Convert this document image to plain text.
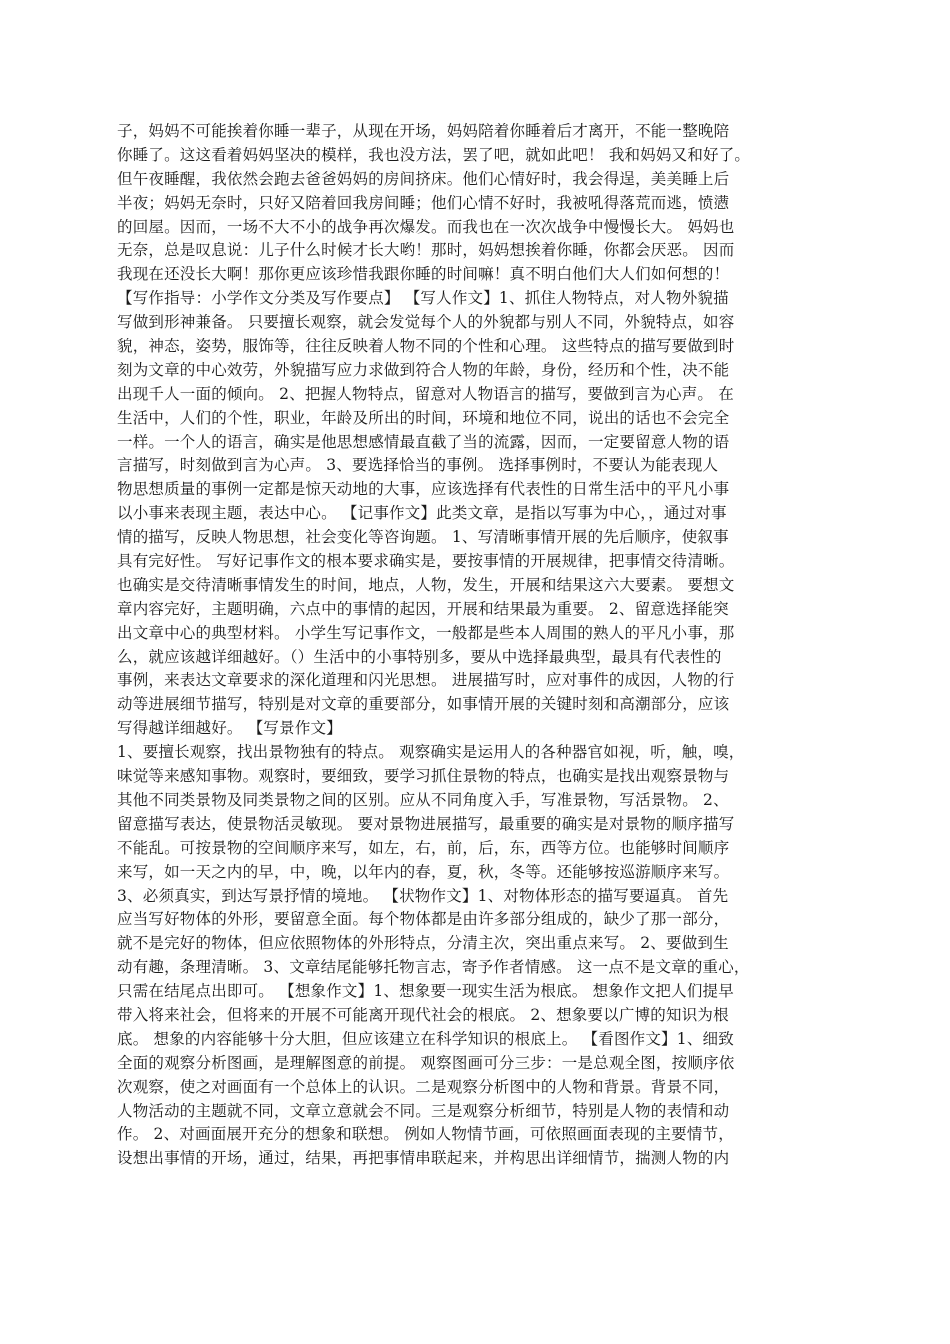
子，妈妈不可能挨着你睡一辈子，从现在开场，妈妈陪着你睡着后才离开，不能一整晚陪
你睡了。这这看着妈妈坚决的模样，我也没方法，罢了吧，就如此吧！ 我和妈妈又和好了。
但午夜睡醒，我依然会跑去爸爸妈妈的房间挤床。他们心情好时，我会得逞，美美睡上后
半夜；妈妈无奈时，只好又陪着回我房间睡；他们心情不好时，我被吼得落荒而逃，愤懑
的回屋。因而，一场不大不小的战争再次爆发。而我也在一次次战争中慢慢长大。 妈妈也
无奈，总是叹息说：儿子什么时候才长大哟！那时，妈妈想挨着你睡，你都会厌恶。 因而
我现在还没长大啊！那你更应该珍惜我跟你睡的时间嘛！真不明白他们大人们如何想的！
【写作指导：小学作文分类及写作要点】 【写人作文】1、抓住人物特点，对人物外貌描
写做到形神兼备。 只要擅长观察，就会发觉每个人的外貌都与别人不同，外貌特点，如容
貌，神态，姿势，服饰等，往往反映着人物不同的个性和心理。 这些特点的描写要做到时
刻为文章的中心效劳，外貌描写应力求做到符合人物的年龄，身份，经历和个性，决不能
出现千人一面的倾向。 2、把握人物特点，留意对人物语言的描写，要做到言为心声。 在
生活中，人们的个性，职业，年龄及所出的时间，环境和地位不同，说出的话也不会完全
一样。一个人的语言，确实是他思想感情最直截了当的流露，因而，一定要留意人物的语
言描写，时刻做到言为心声。 3、要选择恰当的事例。 选择事例时，不要认为能表现人
物思想质量的事例一定都是惊天动地的大事，应该选择有代表性的日常生活中的平凡小事
以小事来表现主题，表达中心。 【记事作文】此类文章，是指以写事为中心，，通过对事
情的描写，反映人物思想，社会变化等咨询题。 1、写清晰事情开展的先后顺序，使叙事
具有完好性。 写好记事作文的根本要求确实是，要按事情的开展规律，把事情交待清晰。
也确实是交待清晰事情发生的时间，地点，人物，发生，开展和结果这六大要素。 要想文
章内容完好，主题明确，六点中的事情的起因，开展和结果最为重要。 2、留意选择能突
出文章中心的典型材料。 小学生写记事作文，一般都是些本人周围的熟人的平凡小事，那
么，就应该越详细越好。（）生活中的小事特别多，要从中选择最典型，最具有代表性的
事例，来表达文章要求的深化道理和闪光思想。 进展描写时，应对事件的成因，人物的行
动等进展细节描写，特别是对文章的重要部分，如事情开展的关键时刻和高潮部分，应该
写得越详细越好。 【写景作文】
1、要擅长观察，找出景物独有的特点。 观察确实是运用人的各种器官如视，听，触，嗅，
味觉等来感知事物。观察时，要细致，要学习抓住景物的特点，也确实是找出观察景物与
其他不同类景物及同类景物之间的区别。应从不同角度入手，写准景物，写活景物。 2、
留意描写表达，使景物活灵敏现。 要对景物进展描写，最重要的确实是对景物的顺序描写
不能乱。可按景物的空间顺序来写，如左，右，前，后，东，西等方位。也能够时间顺序
来写，如一天之内的早，中，晚，以年内的春，夏，秋，冬等。还能够按巡游顺序来写。
3、必须真实，到达写景抒情的境地。 【状物作文】1、对物体形态的描写要逼真。 首先
应当写好物体的外形，要留意全面。每个物体都是由许多部分组成的，缺少了那一部分，
就不是完好的物体，但应依照物体的外形特点，分清主次，突出重点来写。 2、要做到生
动有趣，条理清晰。 3、文章结尾能够托物言志，寄予作者情感。 这一点不是文章的重心，
只需在结尾点出即可。 【想象作文】1、想象要一现实生活为根底。 想象作文把人们提早
带入将来社会，但将来的开展不可能离开现代社会的根底。 2、想象要以广博的知识为根
底。 想象的内容能够十分大胆，但应该建立在科学知识的根底上。 【看图作文】1、细致
全面的观察分析图画，是理解图意的前提。 观察图画可分三步：一是总观全图，按顺序依
次观察，使之对画面有一个总体上的认识。二是观察分析图中的人物和背景。背景不同，
人物活动的主题就不同，文章立意就会不同。三是观察分析细节，特别是人物的表情和动
作。 2、对画面展开充分的想象和联想。 例如人物情节画，可依照画面表现的主要情节，
设想出事情的开场，通过，结果，再把事情串联起来，并构思出详细情节，揣测人物的内
